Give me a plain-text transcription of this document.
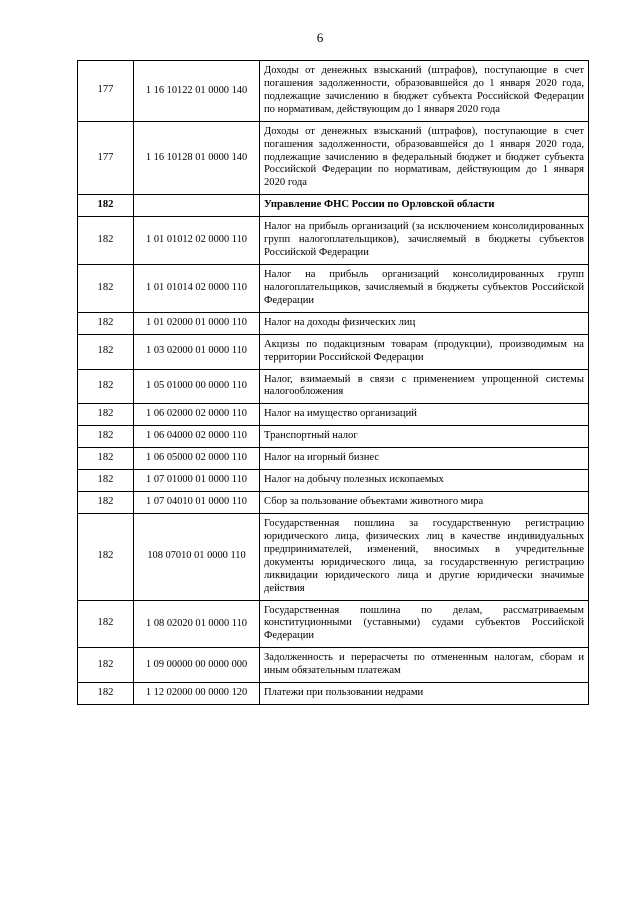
6
177	1 16 10122 01 0000 140	Доходы от денежных взысканий (штрафов), поступающие в счет погашения задолженности, образовавшейся до 1 января 2020 года, подлежащие зачислению в бюджет субъекта Российской Федерации по нормативам, действующим до 1 января 2020 года
177	1 16 10128 01 0000 140	Доходы от денежных взысканий (штрафов), поступающие в счет погашения задолженности, образовавшейся до 1 января 2020 года, подлежащие зачислению в федеральный бюджет и бюджет субъекта Российской Федерации по нормативам, действующим до 1 января 2020 года
182		Управление ФНС России по Орловской области
182	1 01 01012 02 0000 110	Налог на прибыль организаций (за исключением консолидированных групп налогоплательщиков), зачисляемый в бюджеты субъектов Российской Федерации
182	1 01 01014 02 0000 110	Налог на прибыль организаций консолидированных групп налогоплательщиков, зачисляемый в бюджеты субъектов Российской Федерации
182	1 01 02000 01 0000 110	Налог на доходы физических лиц
182	1 03 02000 01 0000 110	Акцизы по подакцизным товарам (продукции), производимым на территории Российской Федерации
182	1 05 01000 00 0000 110	Налог, взимаемый в связи с применением упрощенной системы налогообложения
182	1 06 02000 02 0000 110	Налог на имущество организаций
182	1 06 04000 02 0000 110	Транспортный налог
182	1 06 05000 02 0000 110	Налог на игорный бизнес
182	1 07 01000 01 0000 110	Налог на добычу полезных ископаемых
182	1 07 04010 01 0000 110	Сбор за пользование объектами животного мира
182	108 07010 01 0000 110	Государственная пошлина за государственную регистрацию юридического лица, физических лиц в качестве индивидуальных предпринимателей, изменений, вносимых в учредительные документы юридического лица, за государственную регистрацию ликвидации юридического лица и другие юридически значимые действия
182	1 08 02020 01 0000 110	Государственная пошлина по делам, рассматриваемым конституционными (уставными) судами субъектов Российской Федерации
182	1 09 00000 00 0000 000	Задолженность и перерасчеты по отмененным налогам, сборам и иным обязательным платежам
182	1 12 02000 00 0000 120	Платежи при пользовании недрами
